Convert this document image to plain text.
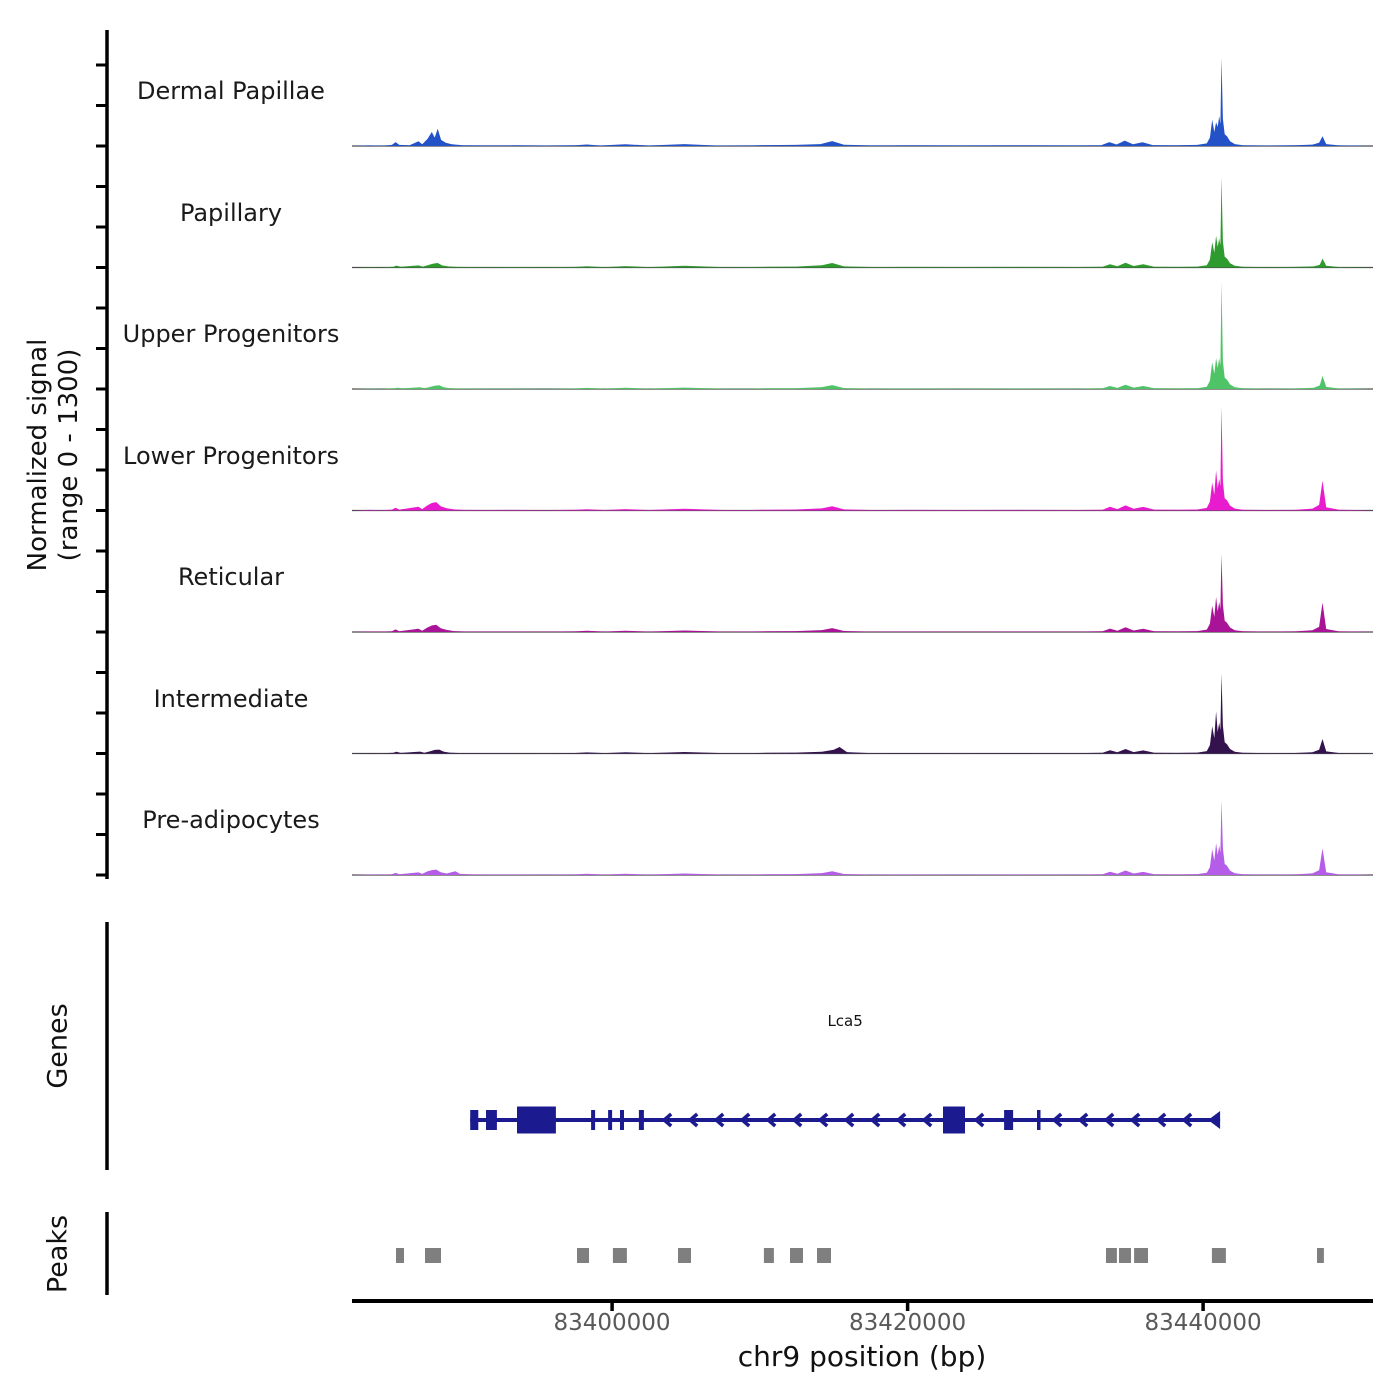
Normalized signal (range 0 - 1300)
Genes
Peaks
Lca5
chr9 position (bp)
Dermal Papillae
Papillary
Upper Progenitors
Lower Progenitors
Reticular
Intermediate
Pre-adipocytes
83400000	83420000	83440000
